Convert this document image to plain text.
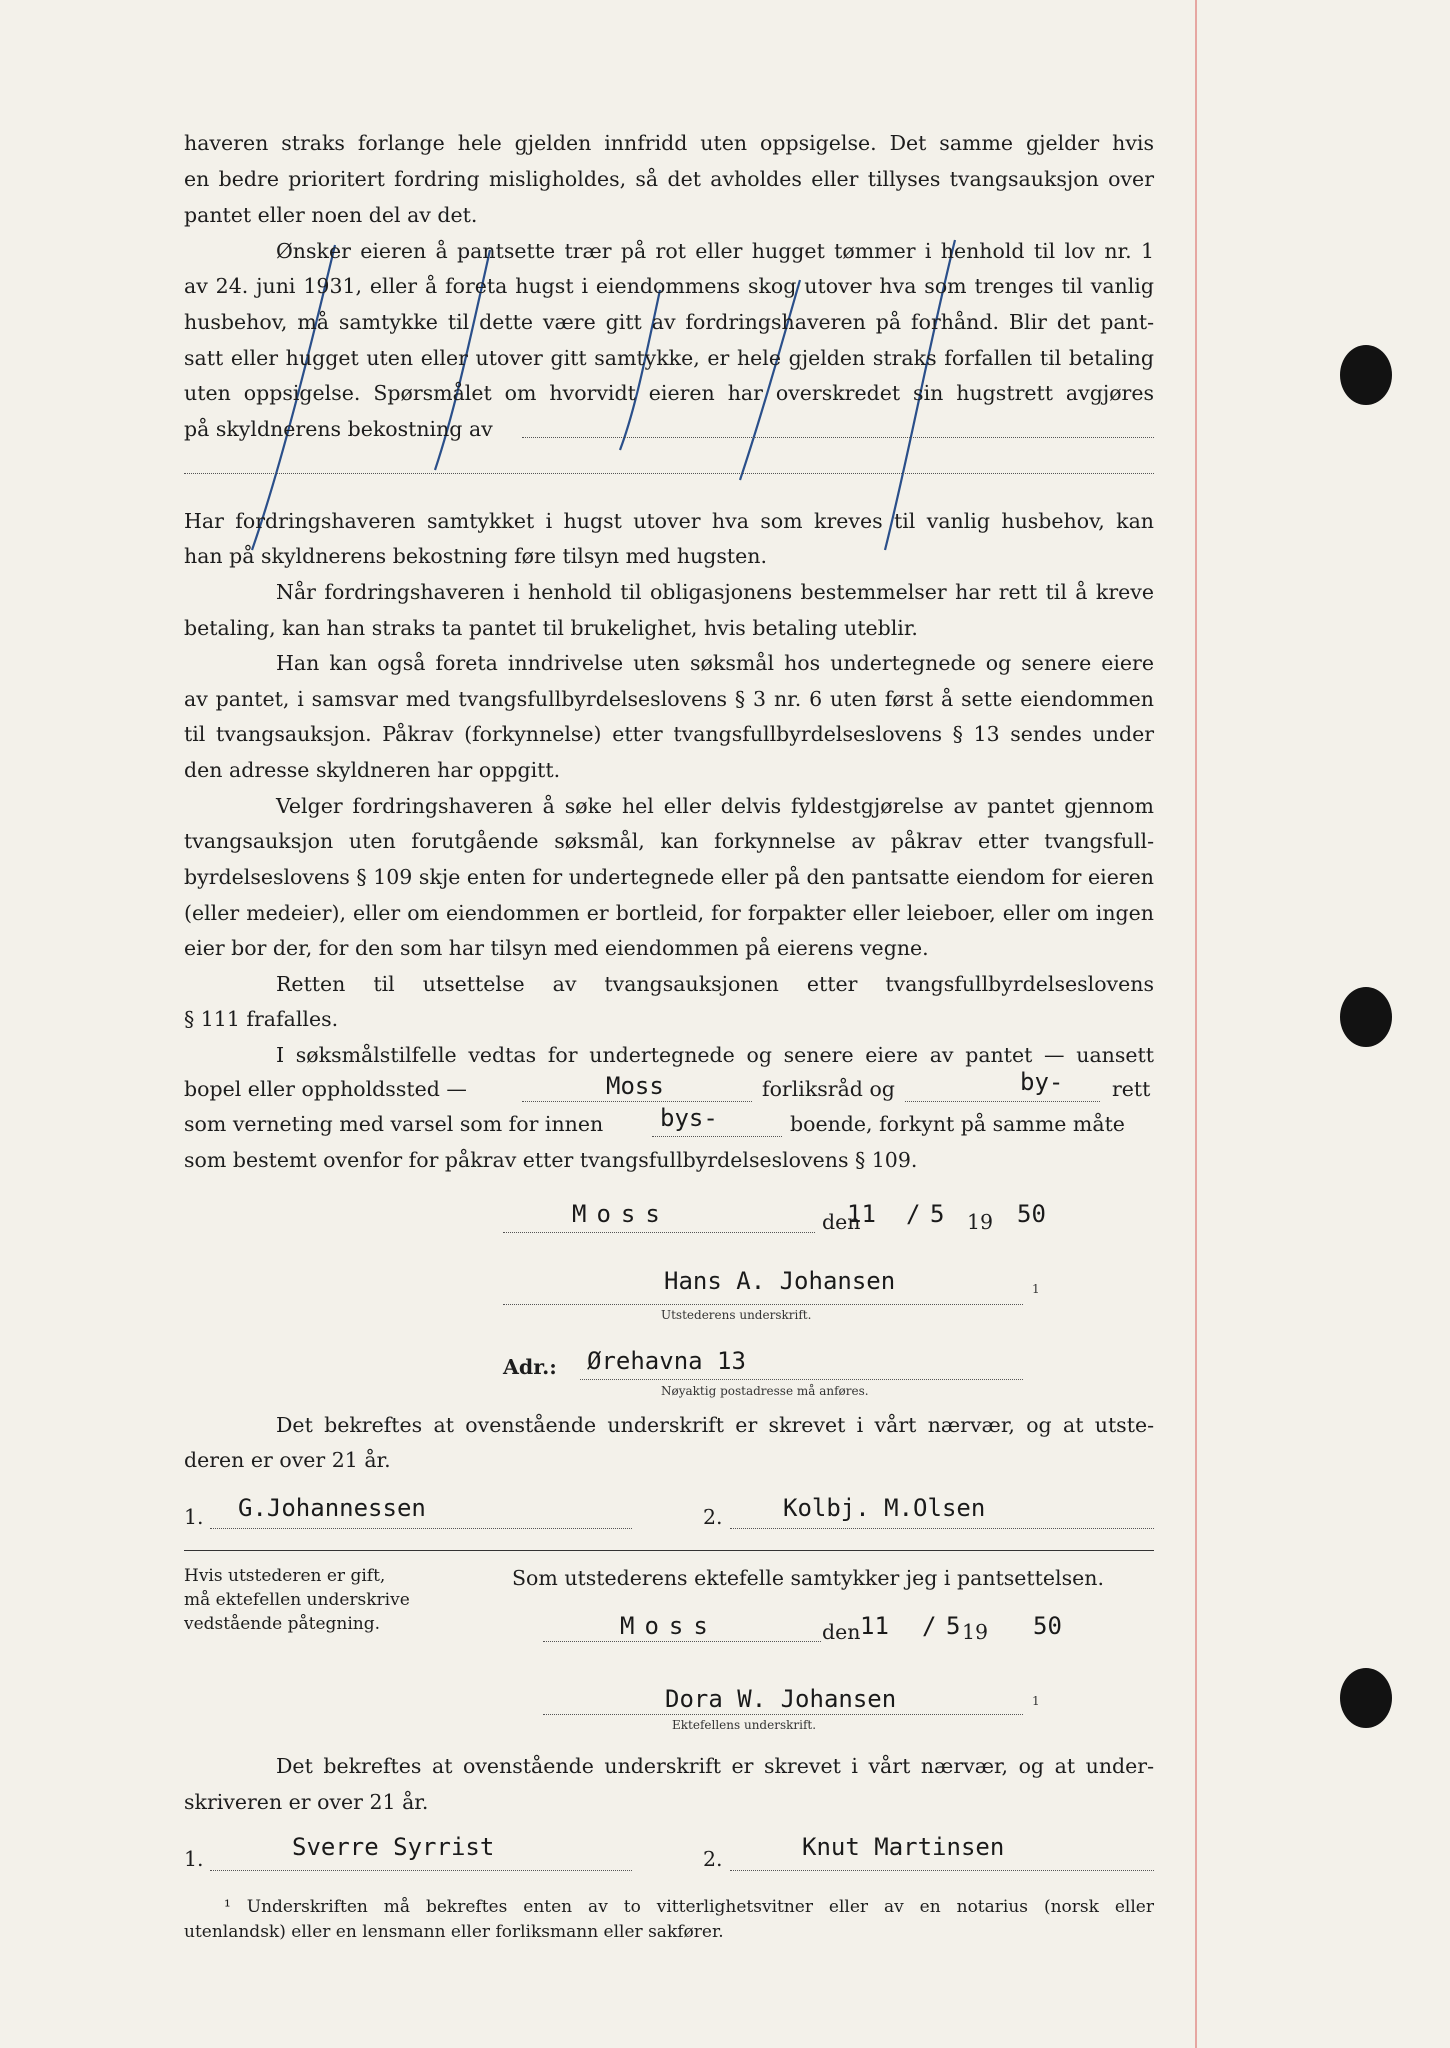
haveren straks forlange hele gjelden innfridd uten oppsigelse. Det samme gjelder hvis
en bedre prioritert fordring misligholdes, så det avholdes eller tillyses tvangsauksjon over
pantet eller noen del av det.
Ønsker eieren å pantsette trær på rot eller hugget tømmer i henhold til lov nr. 1
av 24. juni 1931, eller å foreta hugst i eiendommens skog utover hva som trenges til vanlig
husbehov, må samtykke til dette være gitt av fordringshaveren på forhånd. Blir det pant-
satt eller hugget uten eller utover gitt samtykke, er hele gjelden straks forfallen til betaling
uten oppsigelse. Spørsmålet om hvorvidt eieren har overskredet sin hugstrett avgjøres
på skyldnerens bekostning av
Har fordringshaveren samtykket i hugst utover hva som kreves til vanlig husbehov, kan
han på skyldnerens bekostning føre tilsyn med hugsten.
Når fordringshaveren i henhold til obligasjonens bestemmelser har rett til å kreve
betaling, kan han straks ta pantet til brukelighet, hvis betaling uteblir.
Han kan også foreta inndrivelse uten søksmål hos undertegnede og senere eiere
av pantet, i samsvar med tvangsfullbyrdelseslovens § 3 nr. 6 uten først å sette eiendommen
til tvangsauksjon. Påkrav (forkynnelse) etter tvangsfullbyrdelseslovens § 13 sendes under
den adresse skyldneren har oppgitt.
Velger fordringshaveren å søke hel eller delvis fyldestgjørelse av pantet gjennom
tvangsauksjon uten forutgående søksmål, kan forkynnelse av påkrav etter tvangsfull-
byrdelseslovens § 109 skje enten for undertegnede eller på den pantsatte eiendom for eieren
(eller medeier), eller om eiendommen er bortleid, for forpakter eller leieboer, eller om ingen
eier bor der, for den som har tilsyn med eiendommen på eierens vegne.
Retten til utsettelse av tvangsauksjonen etter tvangsfullbyrdelseslovens
§ 111 frafalles.
I søksmålstilfelle vedtas for undertegnede og senere eiere av pantet — uansett
bopel eller oppholdssted —	Moss	forliksråd og	by- rett
som verneting med varsel som for innen bys-	boende, forkynt på samme måte
som bestemt ovenfor for påkrav etter tvangsfullbyrdelseslovens § 109.
Moss	den
11 / 5 19 50
Hans A. Johansen	1
Utstederens underskrift.
Adr.: Ørehavna 13
Nøyaktig postadresse må anføres.
Det bekreftes at ovenstående underskrift er skrevet i vårt nærvær, og at utste-
deren er over 21 år.
1. G.Johannessen	2.	Kolbj. M.Olsen
Hvis utstederen er gift,
må ektefellen underskrive
vedstående påtegning.
Som utstederens ektefelle samtykker jeg i pantsettelsen.
Moss	den 11 / 5 19 50
Dora W. Johansen	1
Ektefellens underskrift.
Det bekreftes at ovenstående underskrift er skrevet i vårt nærvær, og at under-
skriveren er over 21 år.
1.	Sverre Syrrist	2.	Knut Martinsen
¹ Underskriften må bekreftes enten av to vitterlighetsvitner eller av en notarius (norsk eller
utenlandsk) eller en lensmann eller forliksmann eller sakfører.
